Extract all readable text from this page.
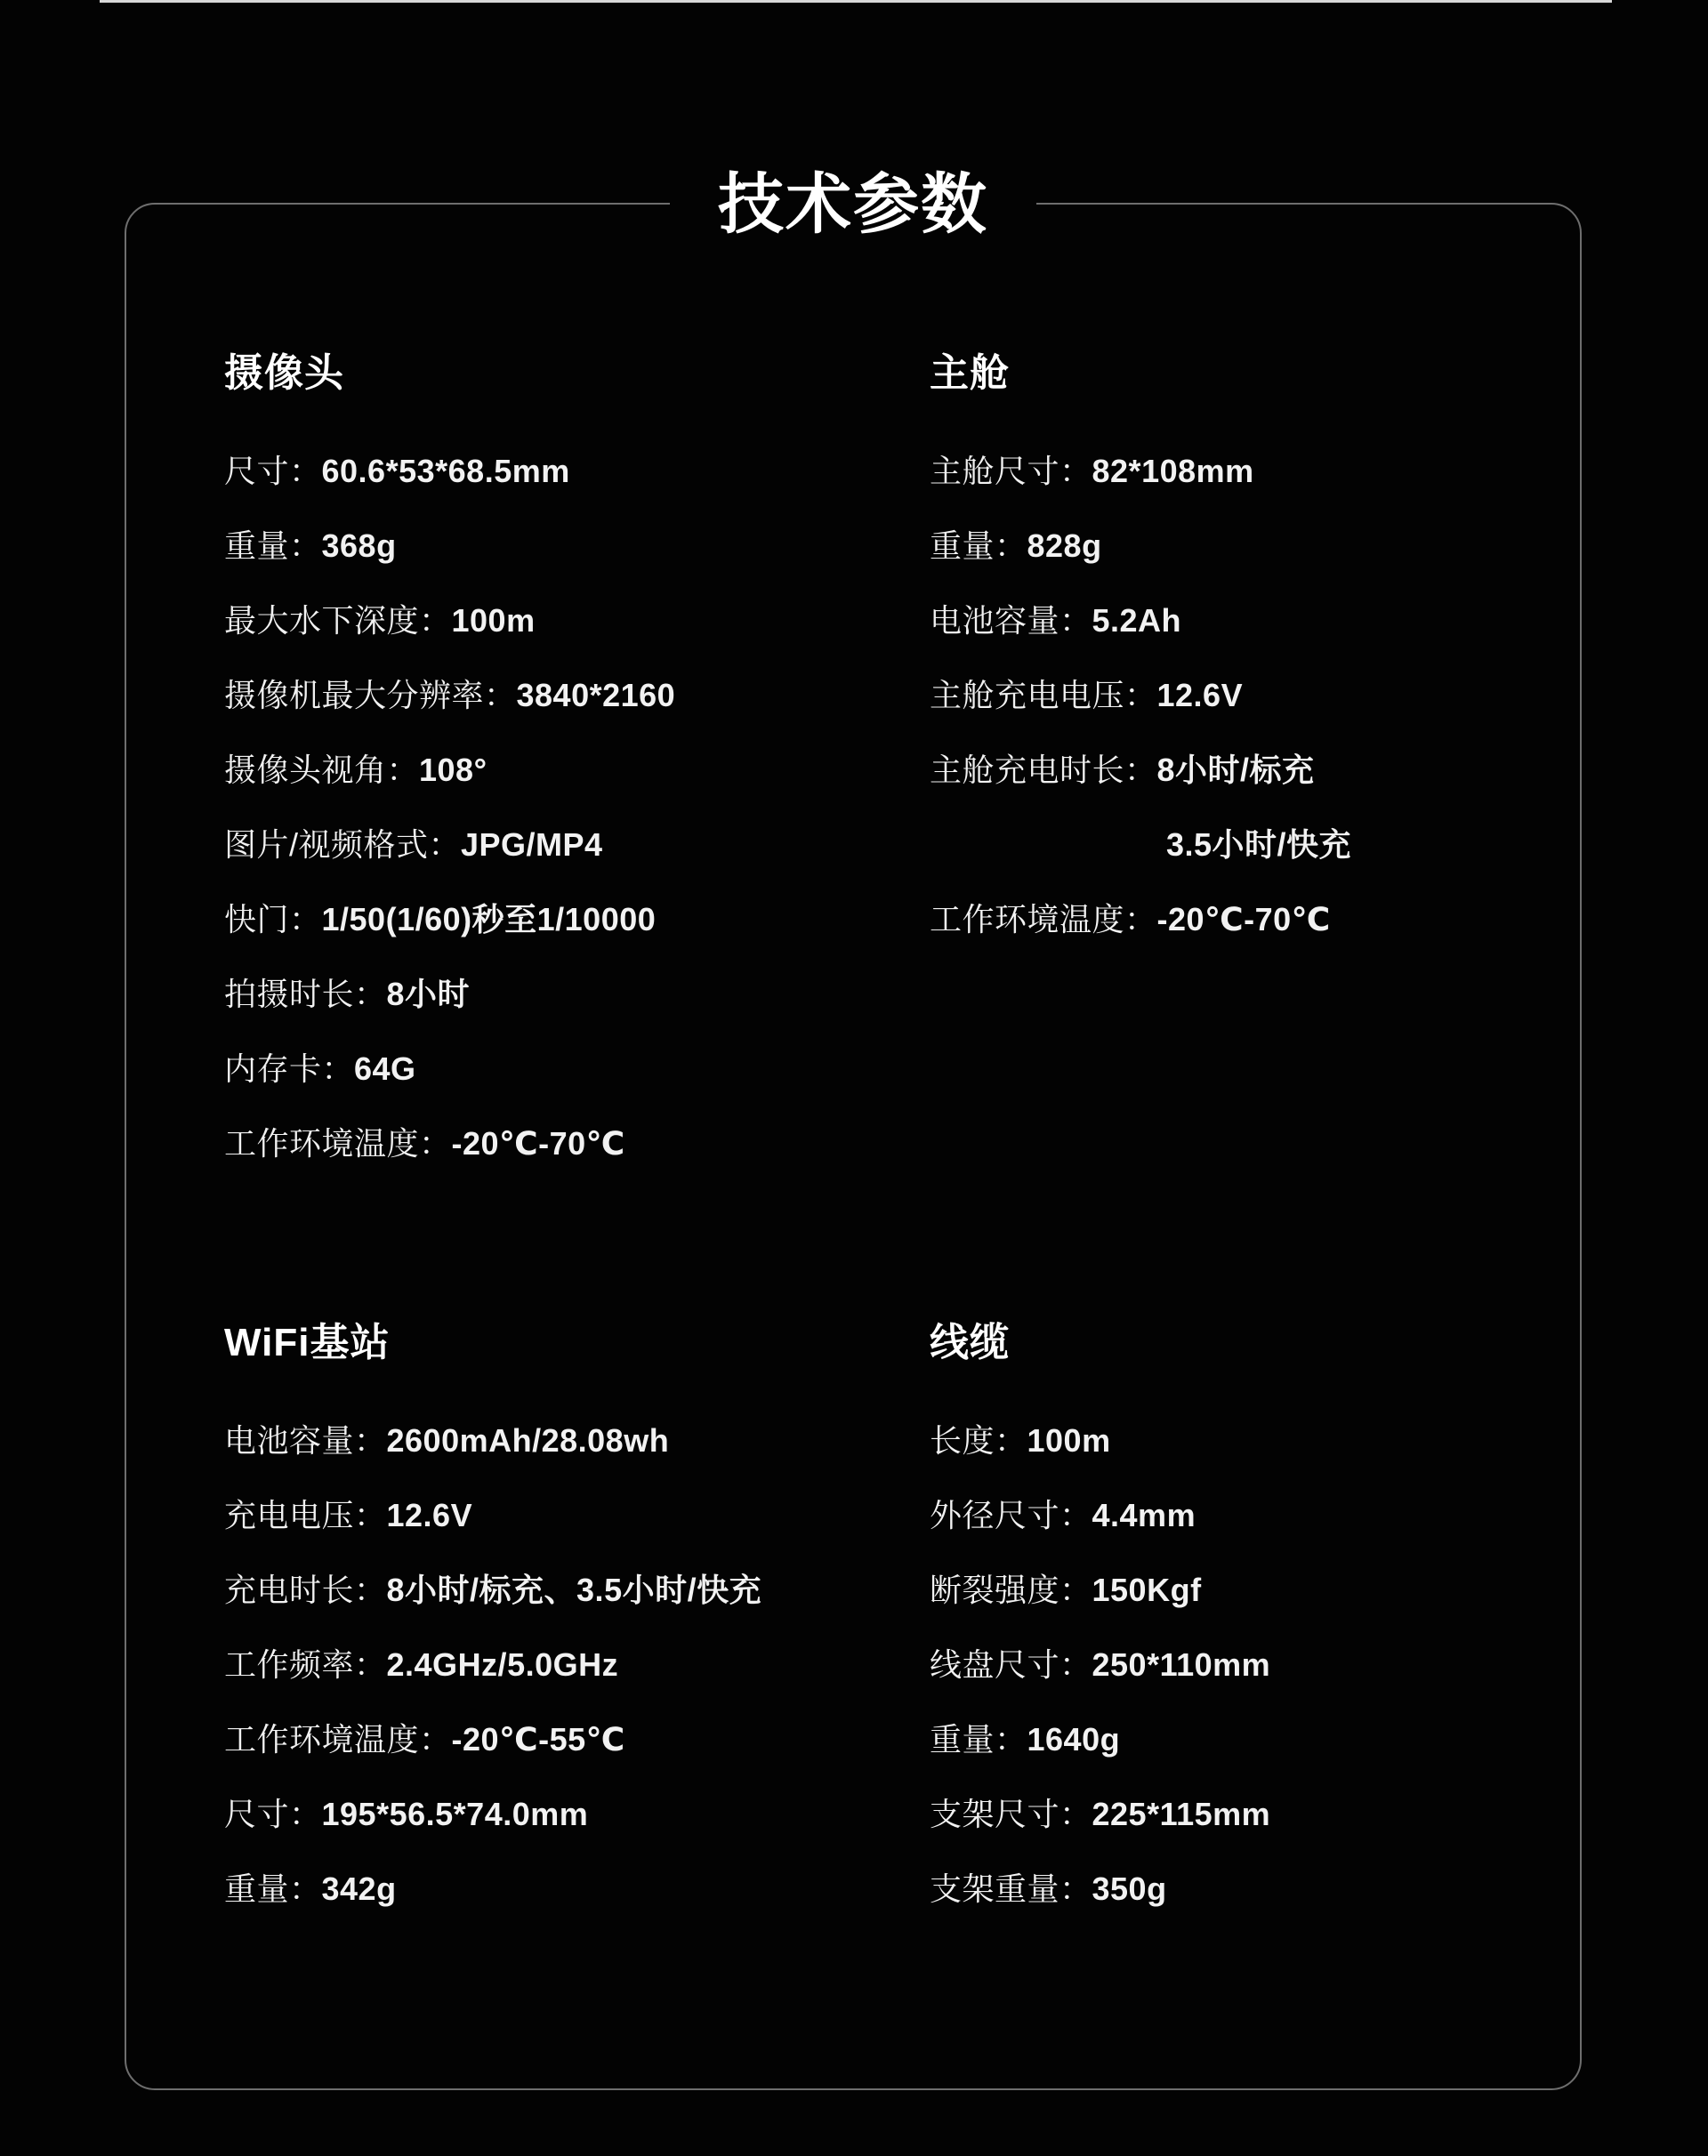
技术参数
摄像头
尺寸：60.6*53*68.5mm
重量：368g
最大水下深度：100m
摄像机最大分辨率：3840*2160
摄像头视角：108°
图片/视频格式：JPG/MP4
快门：1/50(1/60)秒至1/10000
拍摄时长：8小时
内存卡：64G
工作环境温度：-20℃-70℃
主舱
主舱尺寸：82*108mm
重量：828g
电池容量：5.2Ah
主舱充电电压：12.6V
主舱充电时长：8小时/标充
3.5小时/快充
工作环境温度：-20℃-70℃
WiFi基站
电池容量：2600mAh/28.08wh
充电电压：12.6V
充电时长：8小时/标充、3.5小时/快充
工作频率：2.4GHz/5.0GHz
工作环境温度：-20℃-55℃
尺寸：195*56.5*74.0mm
重量：342g
线缆
长度：100m
外径尺寸：4.4mm
断裂强度：150Kgf
线盘尺寸：250*110mm
重量：1640g
支架尺寸：225*115mm
支架重量：350g
